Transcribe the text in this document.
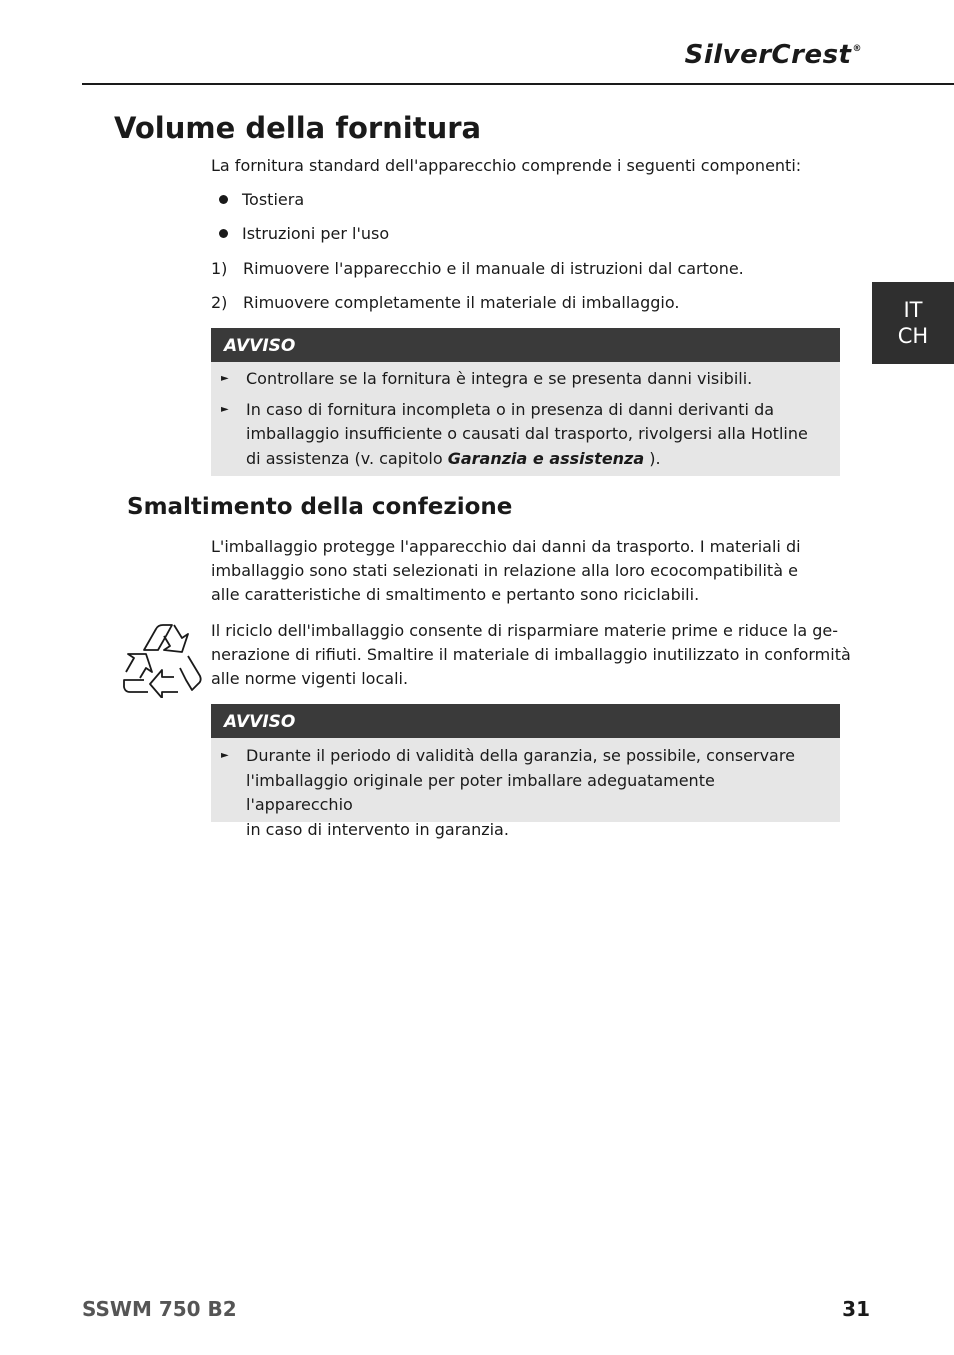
SilverCrest®
IT
CH
Volume della fornitura
La fornitura standard dell'apparecchio comprende i seguenti componenti:
Tostiera
Istruzioni per l'uso
1) Rimuovere l'apparecchio e il manuale di istruzioni dal cartone.
2) Rimuovere completamente il materiale di imballaggio.
AVVISO
► Controllare se la fornitura è integra e se presenta danni visibili.
► In caso di fornitura incompleta o in presenza di danni derivanti da
imballaggio insufficiente o causati dal trasporto, rivolgersi alla Hotline
di assistenza (v. capitolo Garanzia e assistenza ).
Smaltimento della confezione
L'imballaggio protegge l'apparecchio dai danni da trasporto. I materiali di
imballaggio sono stati selezionati in relazione alla loro ecocompatibilità e
alle caratteristiche di smaltimento e pertanto sono riciclabili.
Il riciclo dell'imballaggio consente di risparmiare materie prime e riduce la ge-
nerazione di rifiuti. Smaltire il materiale di imballaggio inutilizzato in conformità
alle norme vigenti locali.
AVVISO
► Durante il periodo di validità della garanzia, se possibile, conservare
l'imballaggio originale per poter imballare adeguatamente l'apparecchio
in caso di intervento in garanzia.
SSWM 750 B2	31
